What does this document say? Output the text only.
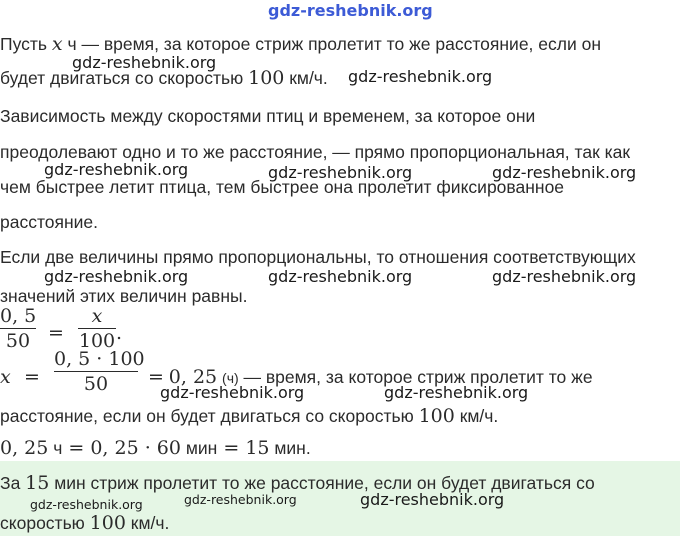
gdz-reshebnik.org
Пусть x ч — время, за которое стриж пролетит то же расстояние, если он
будет двигаться со скоростью 100 км/ч.
gdz-reshebnik.org
gdz-reshebnik.org
Зависимость между скоростями птиц и временем, за которое они
преодолевают одно и то же расстояние, — прямо пропорциональная, так как
gdz-reshebnik.org	gdz-reshebnik.org	gdz-reshebnik.org
чем быстрее летит птица, тем быстрее она пролетит фиксированное
расстояние.
Если две величины прямо пропорциональны, то отношения соответствующих
gdz-reshebnik.org	gdz-reshebnik.org	gdz-reshebnik.org
значений этих величин равны.
0, 5
50 =
x
100 .
x =
0, 5 · 100
50	= 0, 25 (ч) — время, за которое стриж пролетит то же
gdz-reshebnik.org	gdz-reshebnik.org
расстояние, если он будет двигаться со скоростью 100 км/ч.
0, 25 ч = 0, 25 · 60 мин = 15 мин.
За 15 мин стриж пролетит то же расстояние, если он будет двигаться со
gdz-reshebnik.org	gdz-reshebnik.org	gdz-reshebnik.org
скоростью 100 км/ч.
